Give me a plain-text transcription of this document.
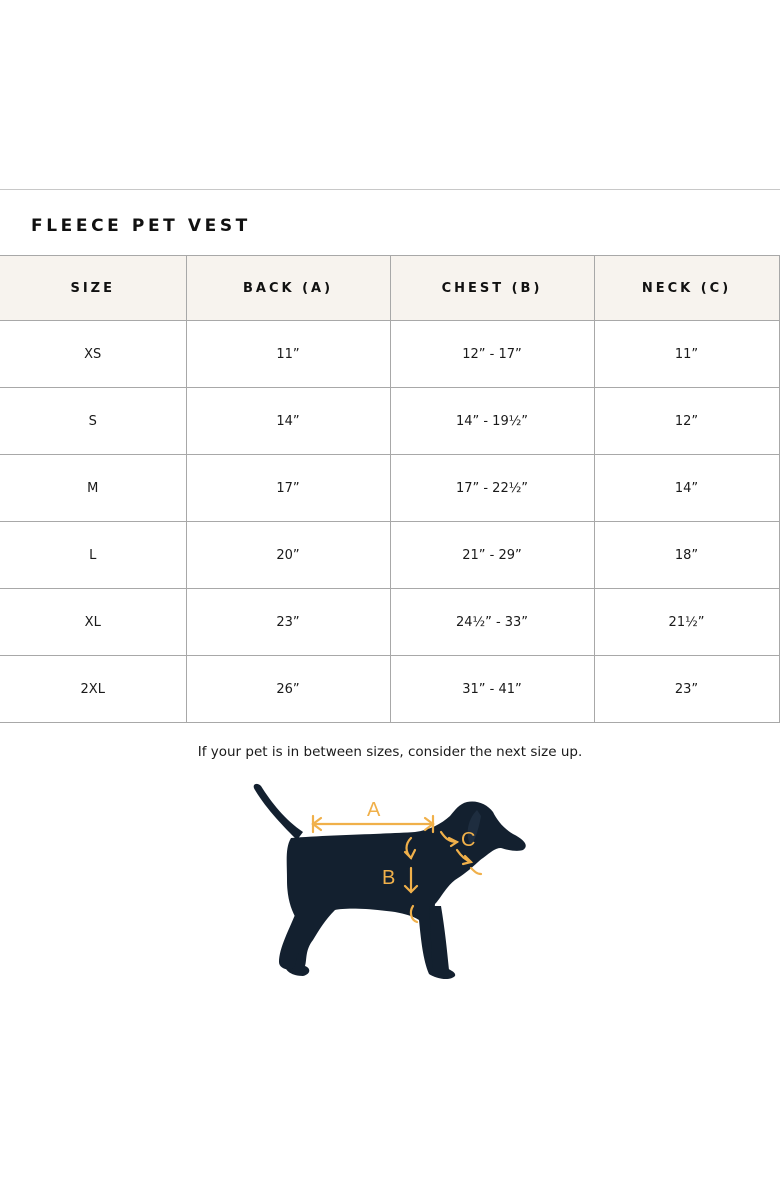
FLEECE PET VEST
SIZE	BACK (A)	CHEST (B)	NECK (C)
XS	11”	12” - 17”	11”
S	14”	14” - 19½”	12”
M	17”	17” - 22½”	14”
L	20”	21” - 29”	18”
XL	23”	24½” - 33”	21½”
2XL	26”	31” - 41”	23”
If your pet is in between sizes, consider the next size up.
A
B
C
